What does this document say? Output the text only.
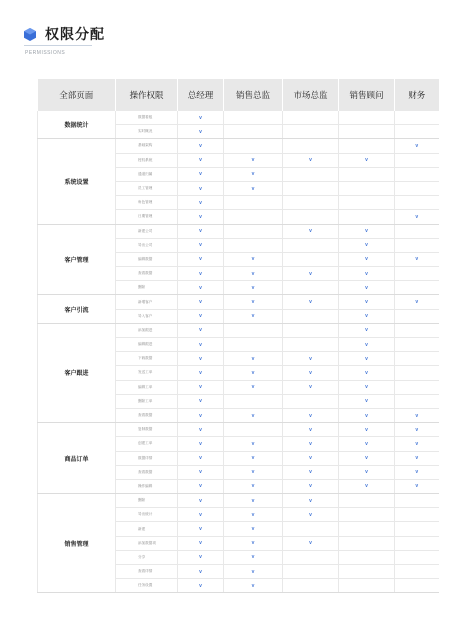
权限分配
PERMISSIONS
全部页面	操作权限	总经理	销售总监	市场总监	销售顾问	财务
数据统计	数据看板	v				
	实时概况	v				
系统设置	基础架构	v				v
	授权系统	v	v	v	v	
	通道归属	v	v			
	员工管理	v	v			
	角色管理	v				
	日期管理	v				v
客户管理	新建公司	v		v	v	
	导出公司	v			v	
	编辑数据	v	v		v	v
	查看数据	v	v	v	v	
	删除	v	v		v	
客户引流	新增客户	v	v	v	v	v
	导入客户	v	v		v	
客户跟进	添加跟进	v			v	
	编辑跟进	v			v	
	下载数据	v	v	v	v	
	发送工单	v	v	v	v	
	编辑工单	v	v	v	v	
	删除工单	v			v	
	查看数据	v	v	v	v	v
商品订单	复制数据	v		v	v	v
	创建工单	v	v	v	v	v
	数据详情	v	v	v	v	v
	查看数据	v	v	v	v	v
	操作编辑	v	v	v	v	v
销售管理	删除	v	v	v		
	导出统计	v	v	v		
	新建	v	v			
	添加数据项	v	v	v		
	分享	v	v			
	查看详情	v	v			
	任务设置	v	v			
